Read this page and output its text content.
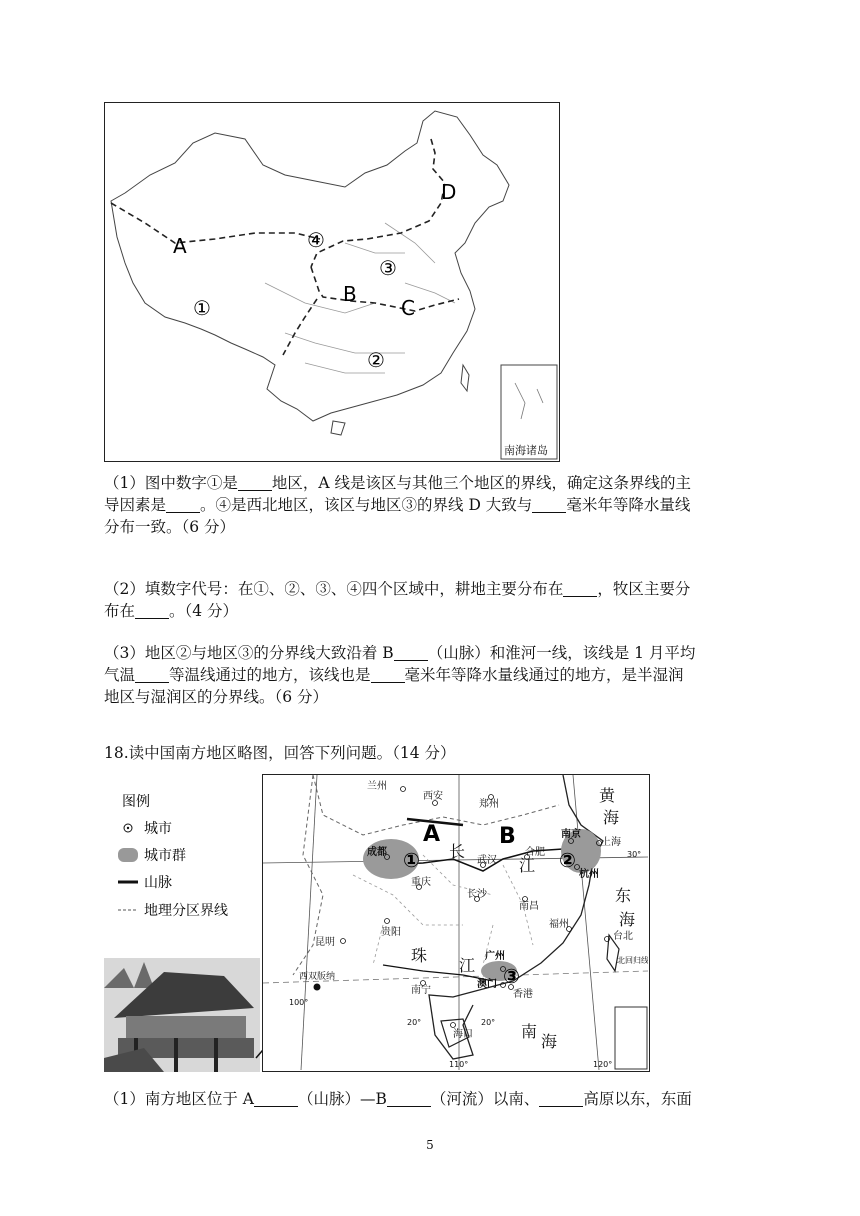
南海诸岛
A
B
C
D
①
②
③
④
（1）图中数字①是 地区，A 线是该区与其他三个地区的界线，确定这条界线的主
导因素是 。④是西北地区，该区与地区③的界线 D 大致与 毫米年等降水量线
分布一致。（6 分）
（2）填数字代号：在①、②、③、④四个区域中，耕地主要分布在 ，牧区主要分
布在 。（4 分）
（3）地区②与地区③的分界线大致沿着 B （山脉）和淮河一线，该线是 1 月平均
气温 等温线通过的地方，该线也是 毫米年等降水量线通过的地方，是半湿润
地区与湿润区的分界线。（6 分）
18.读中国南方地区略图，回答下列问题。（14 分）
图例
城市
城市群
山脉
地理分区界线
兰州
西安
郑州
成都
南京
上海
合肥
武汉
杭州
重庆
长沙
南昌
贵阳
昆明
福州
台北
广州
澳门
香港
南宁
海口
西双版纳
长
江
珠
江
黄
海
东
海
南
海
A	B
①	②
③
30°
20°	20°
100°
110°	120°
北回归线
（1）南方地区位于 A	（山脉）—B	（河流）以南、	高原以东，东面
5
